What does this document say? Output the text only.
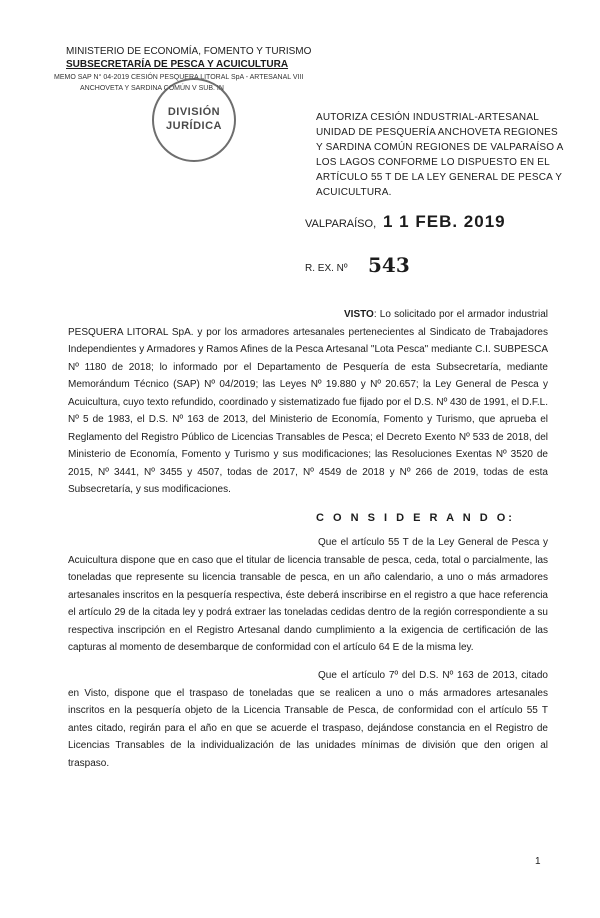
MINISTERIO DE ECONOMÍA, FOMENTO Y TURISMO
SUBSECRETARÍA DE PESCA Y ACUICULTURA
MEMO SAP N° 04-2019 CESIÓN PESQUERA LITORAL SpA - ARTESANAL VIII
ANCHOVETA Y SARDINA COMÚN V SUB. IN
DIVISIÓN
JURÍDICA
AUTORIZA CESIÓN INDUSTRIAL-ARTESANAL UNIDAD DE PESQUERÍA ANCHOVETA REGIONES Y SARDINA COMÚN REGIONES DE VALPARAÍSO A LOS LAGOS CONFORME LO DISPUESTO EN EL ARTÍCULO 55 T DE LA LEY GENERAL DE PESCA Y ACUICULTURA.
VALPARAÍSO, 1 1 FEB. 2019
R. EX. Nº 543

VISTO: Lo solicitado por el armador industrial PESQUERA LITORAL SpA. y por los armadores artesanales pertenecientes al Sindicato de Trabajadores Independientes y Armadores y Ramos Afines de la Pesca Artesanal "Lota Pesca" mediante C.I. SUBPESCA Nº 1180 de 2018; lo informado por el Departamento de Pesquería de esta Subsecretaría, mediante Memorándum Técnico (SAP) Nº 04/2019; las Leyes Nº 19.880 y Nº 20.657; la Ley General de Pesca y Acuicultura, cuyo texto refundido, coordinado y sistematizado fue fijado por el D.S. Nº 430 de 1991, el D.F.L. Nº 5 de 1983, el D.S. Nº 163 de 2013, del Ministerio de Economía, Fomento y Turismo, que aprueba el Reglamento del Registro Público de Licencias Transables de Pesca; el Decreto Exento Nº 533 de 2018, del Ministerio de Economía, Fomento y Turismo y sus modificaciones; las Resoluciones Exentas Nº 3520 de 2015, Nº 3441, Nº 3455 y 4507, todas de 2017, Nº 4549 de 2018 y Nº 266 de 2019, todas de esta Subsecretaría, y sus modificaciones.

C O N S I D E R A N D O:

Que el artículo 55 T de la Ley General de Pesca y Acuicultura dispone que en caso que el titular de licencia transable de pesca, ceda, total o parcialmente, las toneladas que represente su licencia transable de pesca, en un año calendario, a uno o más armadores artesanales inscritos en la pesquería respectiva, éste deberá inscribirse en el registro a que hace referencia el artículo 29 de la citada ley y podrá extraer las toneladas cedidas dentro de la región correspondiente a su respectiva inscripción en el Registro Artesanal dando cumplimiento a la exigencia de certificación de las capturas al momento de desembarque de conformidad con el artículo 64 E de la misma ley.

Que el artículo 7º del D.S. Nº 163 de 2013, citado en Visto, dispone que el traspaso de toneladas que se realicen a uno o más armadores artesanales inscritos en la pesquería objeto de la Licencia Transable de Pesca, de conformidad con el artículo 55 T antes citado, regirán para el año en que se acuerde el traspaso, dejándose constancia en el Registro de Licencias Transables de la individualización de las unidades mínimas de división que den origen al traspaso.

1
